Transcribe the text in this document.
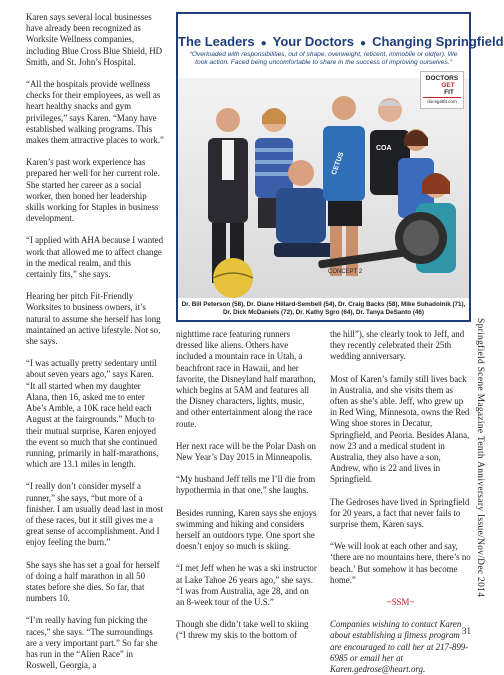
Karen says several local businesses have already been recognized as Worksite Wellness companies, including Blue Cross Blue Shield, HD Smith, and St. John’s Hospital.

“All the hospitals provide wellness checks for their employees, as well as heart healthy snacks and gym privileges,” says Karen. “Many have established walking programs. This makes them attractive places to work.”

Karen’s past work experience has prepared her well for her current role. She started her career as a social worker, then honed her leadership skills working for Staples in business development.

“I applied with AHA because I wanted work that allowed me to affect change in the medical realm, and this certainly fits,” she says.

Hearing her pitch Fit-Friendly Worksites to business owners, it’s natural to assume she herself has long maintained an active lifestyle. Not so, she says.

“I was actually pretty sedentary until about seven years ago,” says Karen. “It all started when my daughter Alana, then 16, asked me to enter Abe’s Amble, a 10K race held each August at the fairgrounds.” Much to their mutual surprise, Karen enjoyed the event so much that she continued running, primarily in half-marathons, which are 13.1 miles in length.

“I really don’t consider myself a runner,” she says, “but more of a finisher. I am usually dead last in most of these races, but it still gives me a great sense of accomplishment. And I enjoy feeling the burn.”

She says she has set a goal for herself of doing a half marathon in all 50 states before she dies. So far, that numbers 10.

“I’m really having fun picking the races,” she says. “The surroundings are a very important part.” So far she has run in the “Alien Race” in Roswell, Georgia, a

The Leaders ● Your Doctors ● Changing Springfield
“Overloaded with responsibilities, out of shape, overweight, reticent, immobile or old(er). We took action. Faced being uncomfortable to share in the success of improving ourselves.”
CETUS
COA
CONCEPT 2
DOCTORS
GET
FIT
docsgetfit.com
Dr. Bill Peterson (58), Dr. Diane Hillard-Sembell (54), Dr. Craig Backs (58), Mike Suhadolnik (71),
Dr. Dick McDaniels (72), Dr. Kathy Sgro (64), Dr. Tanya DeSanto (46)

nighttime race featuring runners dressed like aliens. Others have included a mountain race in Utah, a beachfront race in Hawaii, and her favorite, the Disneyland half marathon, which begins at 5AM and features all the Disney characters, lights, music, and other entertainment along the race route.

Her next race will be the Polar Dash on New Year’s Day 2015 in Minneapolis.

“My husband Jeff tells me I’ll die from hypothermia in that one,” she laughs.

Besides running, Karen says she enjoys swimming and hiking and considers herself an outdoors type. One sport she doesn’t enjoy so much is skiing.

“I met Jeff when he was a ski instructor at Lake Tahoe 26 years ago,” she says. “I was from Australia, age 28, and on an 8-week tour of the U.S.”

Though she didn’t take well to skiing (“I threw my skis to the bottom of

the hill”), she clearly took to Jeff, and they recently celebrated their 25th wedding anniversary.

Most of Karen’s family still lives back in Australia, and she visits them as often as she’s able. Jeff, who grew up in Red Wing, Minnesota, owns the Red Wing shoe stores in Decatur, Springfield, and Peoria. Besides Alana, now 23 and a medical student in Australia, they also have a son, Andrew, who is 22 and lives in Springfield.

The Gedroses have lived in Springfield for 20 years, a fact that never fails to surprise them, Karen says.

“We will look at each other and say, ‘there are no mountains here, there’s no beach.’ But somehow it has become home.”

~SSM~

Companies wishing to contact Karen about establishing a fitness program are encouraged to call her at 217-899-6985 or email her at Karen.gedrose@heart.org.

Springfield Scene Magazine Tenth Anniversary Issue/Nov/Dec 2014
31
